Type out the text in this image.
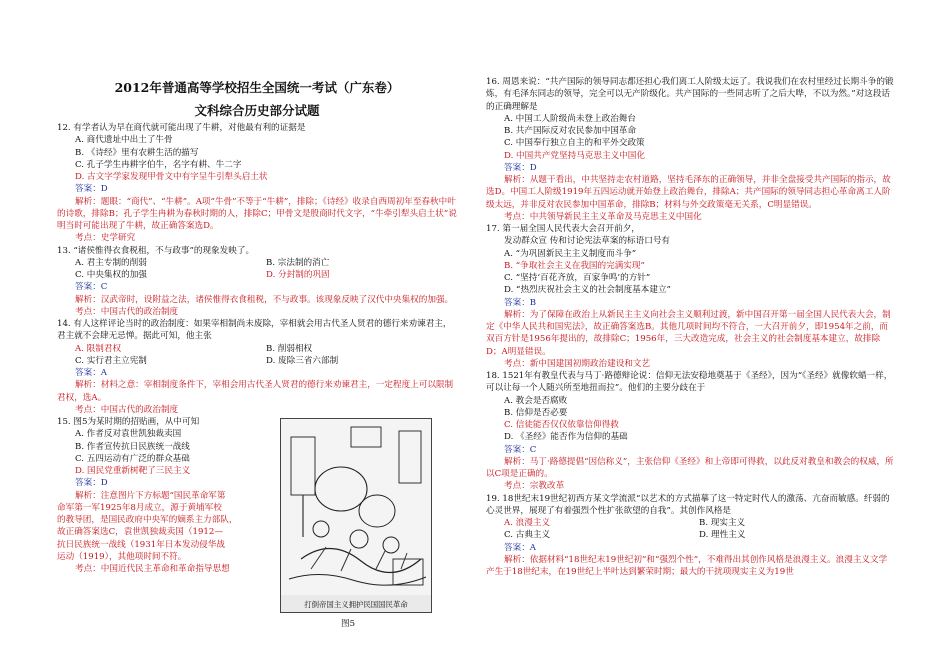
2012年普通高等学校招生全国统一考试（广东卷）
文科综合历史部分试题
12. 有学者认为早在商代就可能出现了牛耕，对他最有利的证据是
A. 商代遗址中出土了牛骨
B. 《诗经》里有农耕生活的描写
C. 孔子学生冉耕字伯牛，名字有耕、牛二字
D. 古文字学家发现甲骨文中有字呈牛引犁头启土状
答案：D
解析：题眼：“商代”、“牛耕”。A项“牛骨”不等于“牛耕”，排除；《诗经》收录自西周初年至春秋中叶的诗歌，排除B；孔子学生冉耕为春秋时期的人，排除C；甲骨文是殷商时代文字，“牛牵引犁头启土状”说明当时可能出现了牛耕，故正确答案选D。
考点：史学研究
13. “诸侯惟得衣食税租，不与政事”的现象发映了。
A. 君主专制的削弱	B. 宗法制的消亡
C. 中央集权的加强	D. 分封制的巩固
答案：C
解析：汉武帝时，设附益之法，诸侯惟得衣食租税，不与政事。该现象反映了汉代中央集权的加强。
考点：中国古代的政治制度
14. 有人这样评论当时的政治制度：如果宰相制尚未废除，宰相就会用古代圣人贤君的德行来劝谏君主，君主就不会肆无忌惮。据此可知，他主张
A. 限制君权	B. 削弱相权
C. 实行君主立宪制	D. 废除三省六部制
答案：A
解析：材料之意：宰相制度条件下，宰相会用古代圣人贤君的德行来劝谏君主，一定程度上可以限制君权，选A。
考点：中国古代的政治制度
15. 图5为某时期的招贴画，从中可知
A. 作者反对袁世凯独裁卖国
B. 作者宣传抗日民族统一战线
C. 五四运动有广泛的群众基础
D. 国民党重新树靶了三民主义
答案：D
解析：注意图片下方标题“国民革命军第
命军第一军1925年8月成立，源于黄埔军校
的教导团，是国民政府中央军的嫡系主力部队，
故正确答案选C，袁世凯独裁卖国（1912—
抗日民族统一战线（1931年日本发动侵华战
运动（1919），其他项时间不符。
考点：中国近代民主革命和革命指导思想
打倒帝国主义拥护民国国民革命
图5
16. 周恩来说：“共产国际的领导同志都还担心我们离工人阶级太远了。我说我们在农村里经过长期斗争的锻炼，有毛泽东同志的领导，完全可以无产阶级化。共产国际的一些同志听了之后大哗，不以为然。”对这段话的正确理解是
A. 中国工人阶级尚未登上政治舞台
B. 共产国际反对农民参加中国革命
C. 中国奉行独立自主的和平外交政策
D. 中国共产党坚持马克思主义中国化
答案：D
解析：从题干看出，中共坚持走农村道路，坚持毛泽东的正确领导，并非全盘接受共产国际的指示，故选D。中国工人阶级1919年五四运动就开始登上政治舞台，排除A；共产国际的领导同志担心革命离工人阶级太远，并非反对农民参加中国革命，排除B；材料与外交政策毫无关系，C明显错误。
考点：中共领导新民主主义革命及马克思主义中国化
17. 第一届全国人民代表大会召开前夕，
发动群众宣 传和讨论宪法草案的标语口号有
A. “为巩固新民主主义制度而斗争”
B. “争取社会主义在我国的完满实现”
C. “坚持‘百花齐放，百家争鸣’的方针”
D. “热烈庆祝社会主义的社会制度基本建立”
答案：B
解析：为了保障在政治上从新民主主义向社会主义顺利过渡，新中国召开第一届全国人民代表大会，制定《中华人民共和国宪法》，故正确答案选B。其他几项时间均不符合，一大召开前夕，即1954年之前，而双百方针是1956年提出的，故排除C；1956年，三大改造完成，社会主义的社会制度基本建立，故排除D；A明显错误。
考点：新中国建国初期政治建设和文艺
18. 1521年有教皇代表与马丁·路德辩论说：信仰无法安稳地奠基于《圣经》，因为“《圣经》就像软蜡一样，可以让每一个人随兴所至地扭而拉”。他们的主要分歧在于
A. 教会是否腐败
B. 信仰是否必要
C. 信徒能否仅仅依靠信仰得救
D. 《圣经》能否作为信仰的基础
答案：C
解析：马丁·路德提倡“因信称义”，主张信仰《圣经》和上帝即可得救，以此反对教皇和教会的权威，所以C项是正确的。
考点：宗教改革
19. 18世纪末19世纪初西方某文学流派“以艺术的方式描摹了这一特定时代人的激荡、亢奋而敏感。纤弱的心灵世界，展现了有着强烈个性扩张欲望的自我”。其创作风格是
A. 浪漫主义	B. 现实主义
C. 古典主义	D. 理性主义
答案：A
解析：依据材料“18世纪末19世纪初”和“强烈个性”，不难得出其创作风格是浪漫主义。浪漫主义文学产生于18世纪末，在19世纪上半叶达到繁荣时期；最大的干扰项现实主义为19世
